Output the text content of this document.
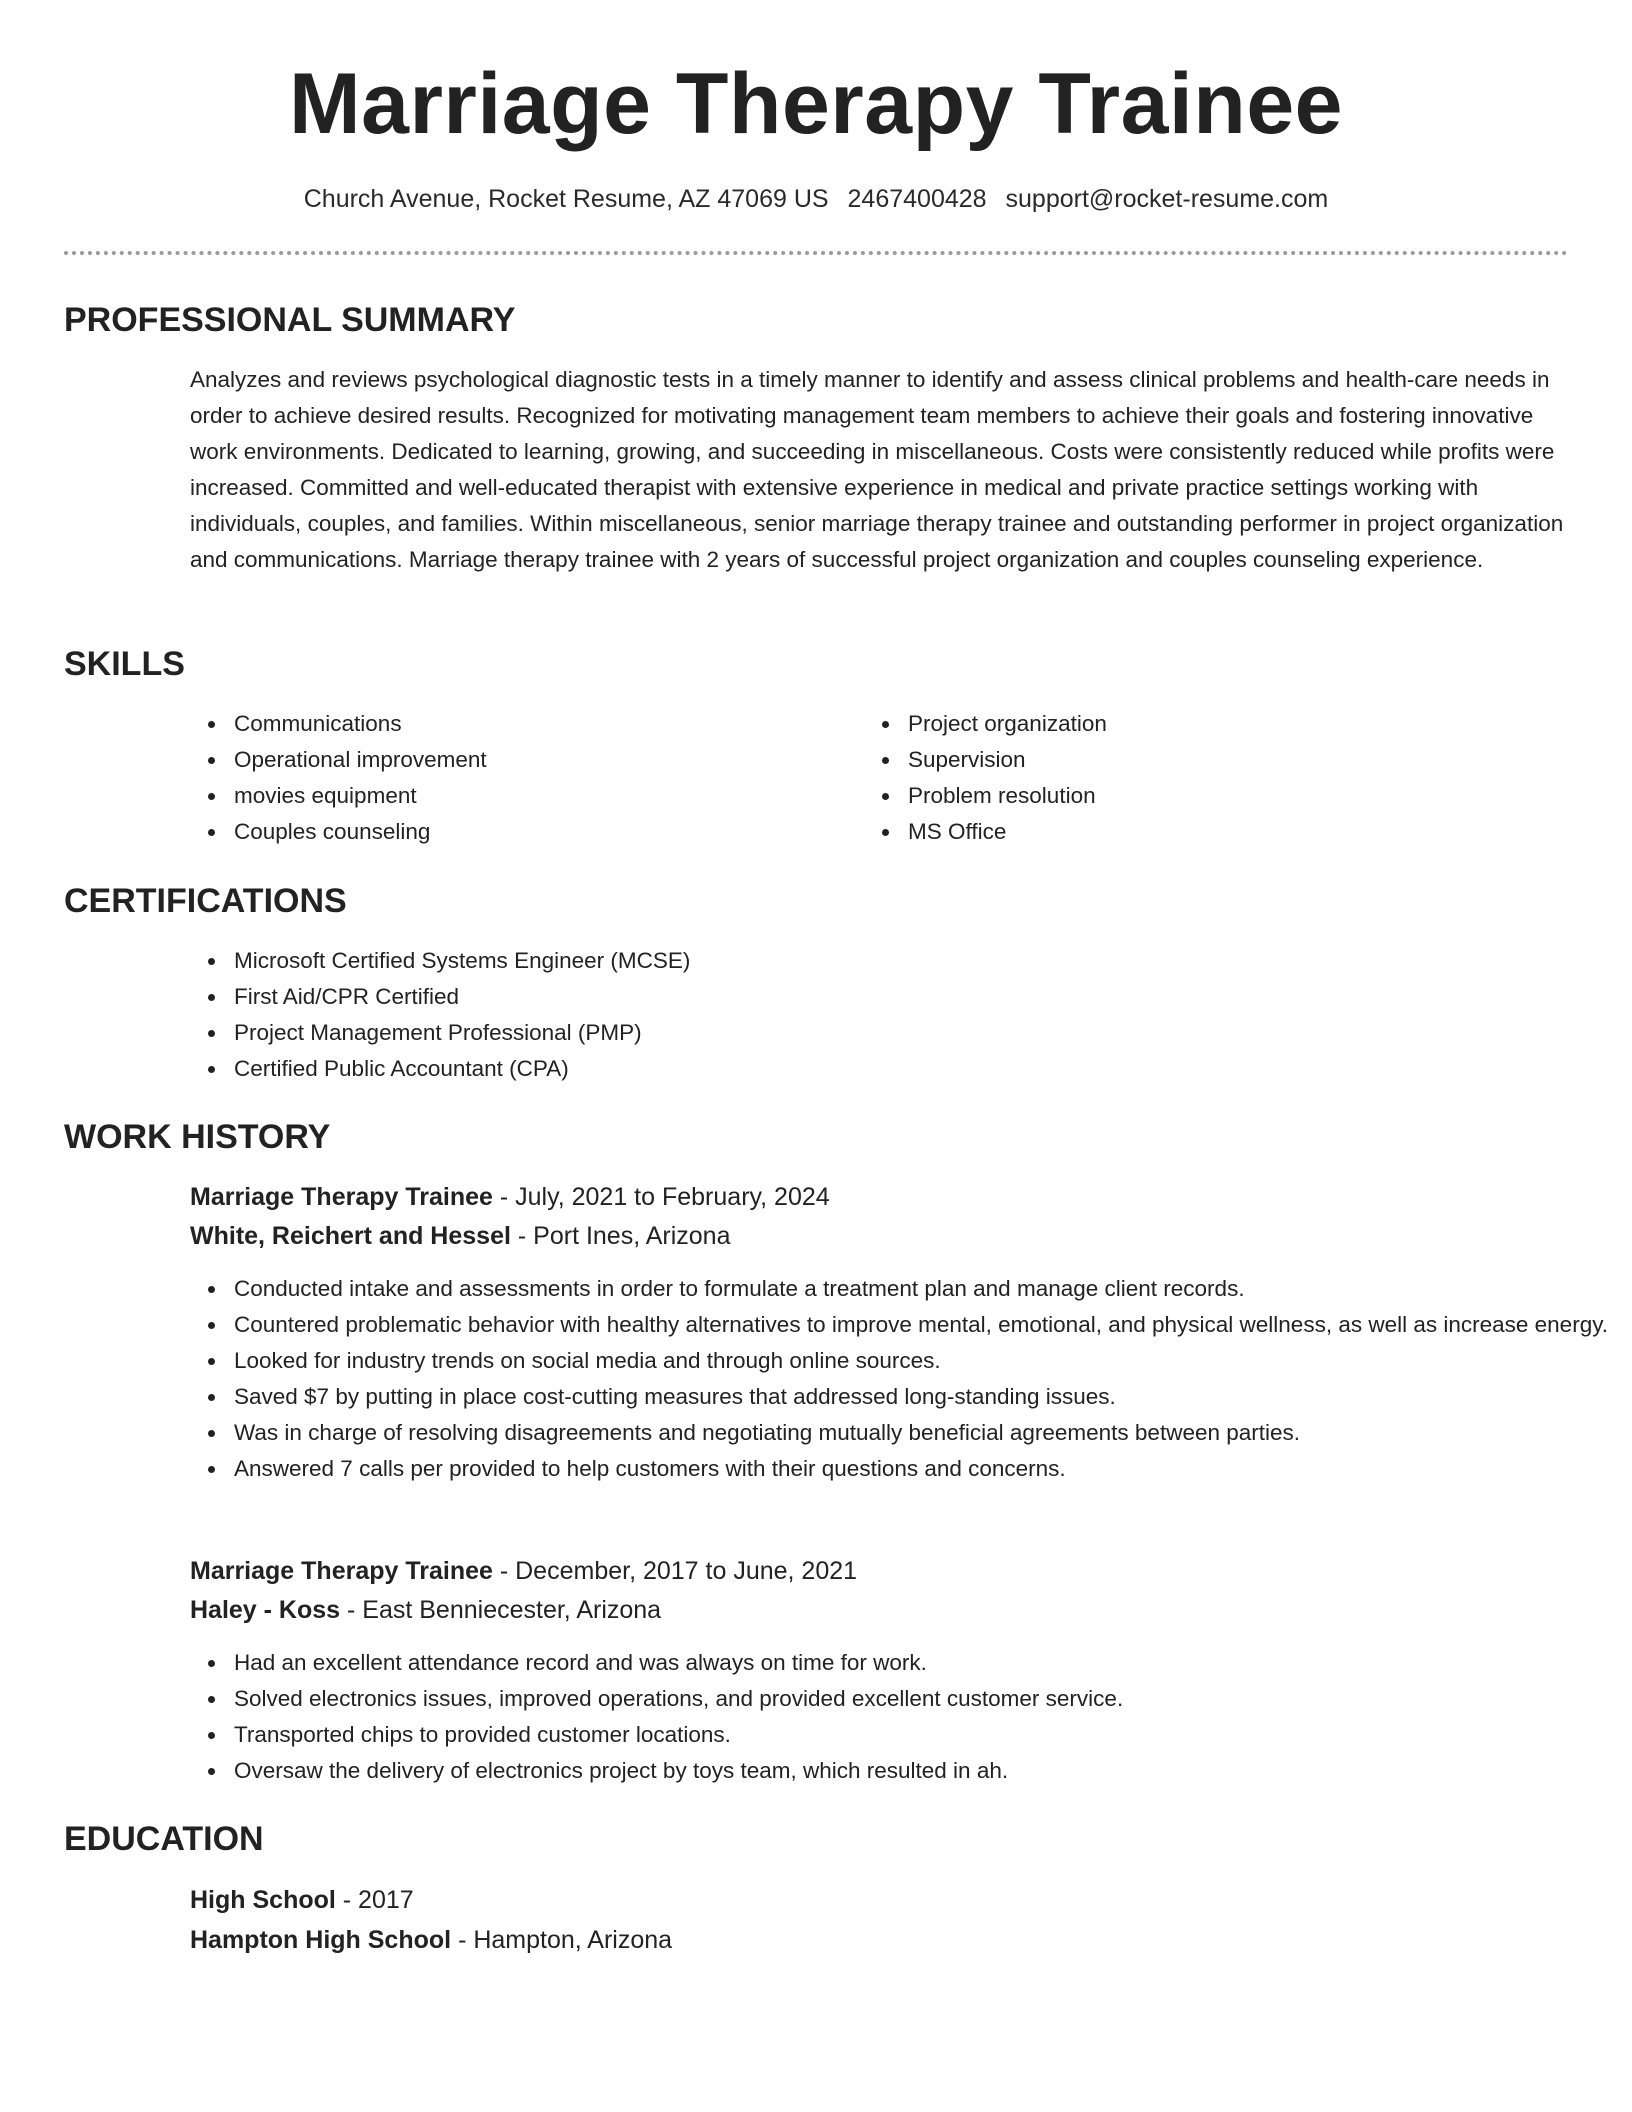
Marriage Therapy Trainee
Church Avenue, Rocket Resume, AZ 47069 US 2467400428 support@rocket-resume.com
PROFESSIONAL SUMMARY
Analyzes and reviews psychological diagnostic tests in a timely manner to identify and assess clinical problems and health-care needs in order to achieve desired results. Recognized for motivating management team members to achieve their goals and fostering innovative work environments. Dedicated to learning, growing, and succeeding in miscellaneous. Costs were consistently reduced while profits were increased. Committed and well-educated therapist with extensive experience in medical and private practice settings working with individuals, couples, and families. Within miscellaneous, senior marriage therapy trainee and outstanding performer in project organization and communications. Marriage therapy trainee with 2 years of successful project organization and couples counseling experience.
SKILLS
Communications
Operational improvement
movies equipment
Couples counseling
Project organization
Supervision
Problem resolution
MS Office
CERTIFICATIONS
Microsoft Certified Systems Engineer (MCSE)
First Aid/CPR Certified
Project Management Professional (PMP)
Certified Public Accountant (CPA)
WORK HISTORY
Marriage Therapy Trainee - July, 2021 to February, 2024
White, Reichert and Hessel - Port Ines, Arizona
Conducted intake and assessments in order to formulate a treatment plan and manage client records.
Countered problematic behavior with healthy alternatives to improve mental, emotional, and physical wellness, as well as increase energy.
Looked for industry trends on social media and through online sources.
Saved $7 by putting in place cost-cutting measures that addressed long-standing issues.
Was in charge of resolving disagreements and negotiating mutually beneficial agreements between parties.
Answered 7 calls per provided to help customers with their questions and concerns.
Marriage Therapy Trainee - December, 2017 to June, 2021
Haley - Koss - East Benniecester, Arizona
Had an excellent attendance record and was always on time for work.
Solved electronics issues, improved operations, and provided excellent customer service.
Transported chips to provided customer locations.
Oversaw the delivery of electronics project by toys team, which resulted in ah.
EDUCATION
High School - 2017
Hampton High School - Hampton, Arizona
